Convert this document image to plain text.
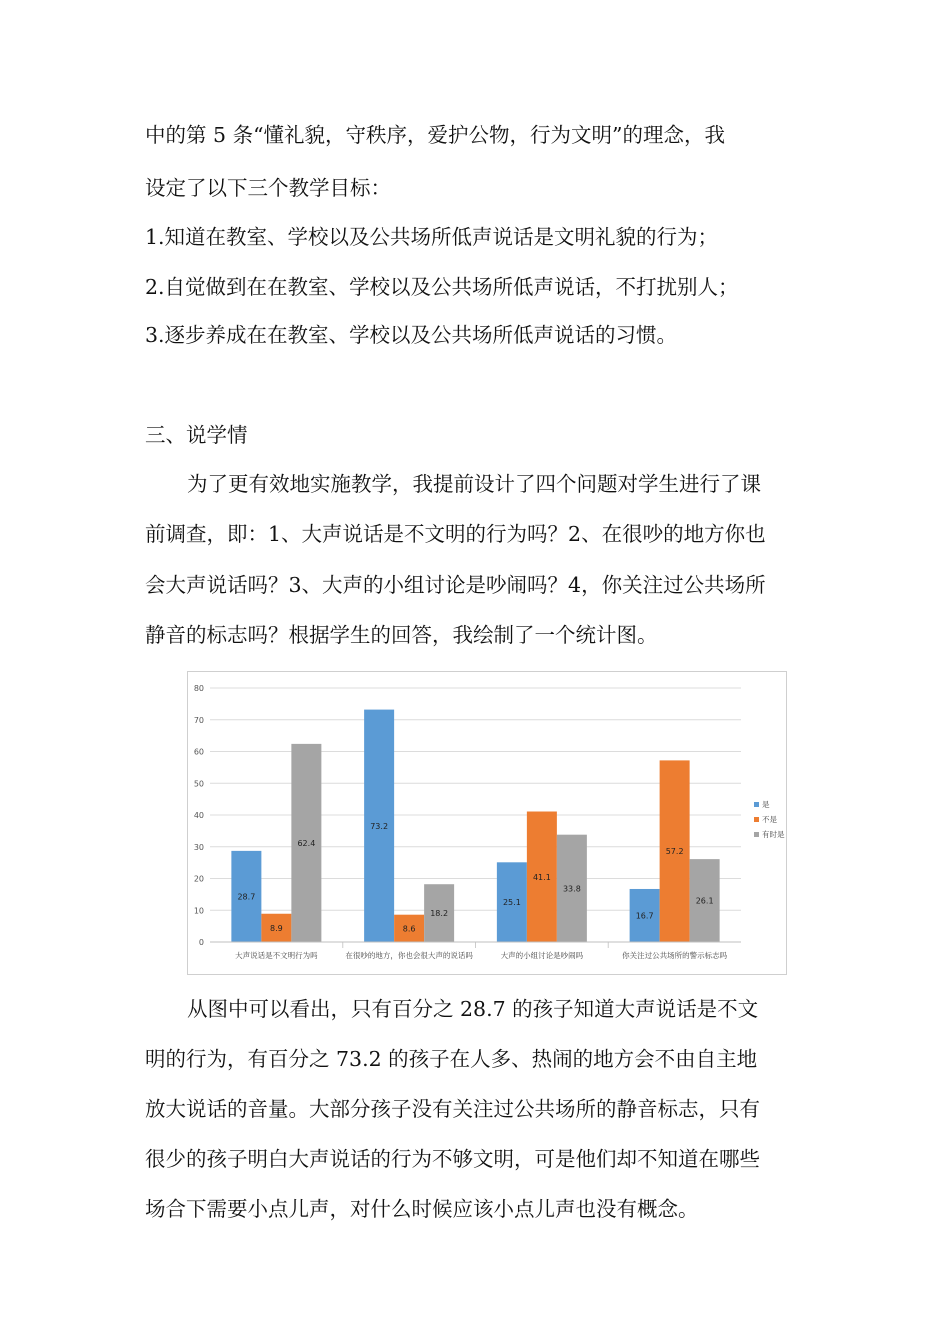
中的第 5 条“懂礼貌，守秩序，爱护公物，行为文明”的理念，我
设定了以下三个教学目标：
1.知道在教室、学校以及公共场所低声说话是文明礼貌的行为；
2.自觉做到在在教室、学校以及公共场所低声说话，不打扰别人；
3.逐步养成在在教室、学校以及公共场所低声说话的习惯。
三、说学情
为了更有效地实施教学，我提前设计了四个问题对学生进行了课
前调查，即：1、大声说话是不文明的行为吗？2、在很吵的地方你也
会大声说话吗？3、大声的小组讨论是吵闹吗？4，你关注过公共场所
静音的标志吗？根据学生的回答，我绘制了一个统计图。
0
10
20
30
40
50
60
70
80
28.7
8.9
62.4
大声说话是不文明行为吗
73.2
8.6
18.2
在很吵的地方，你也会很大声的说话吗
25.1
41.1
33.8
大声的小组讨论是吵闹吗
16.7
57.2
26.1
你关注过公共场所的警示标志吗
是
不是
有时是
从图中可以看出，只有百分之 28.7 的孩子知道大声说话是不文
明的行为，有百分之 73.2 的孩子在人多、热闹的地方会不由自主地
放大说话的音量。大部分孩子没有关注过公共场所的静音标志，只有
很少的孩子明白大声说话的行为不够文明，可是他们却不知道在哪些
场合下需要小点儿声，对什么时候应该小点儿声也没有概念。
